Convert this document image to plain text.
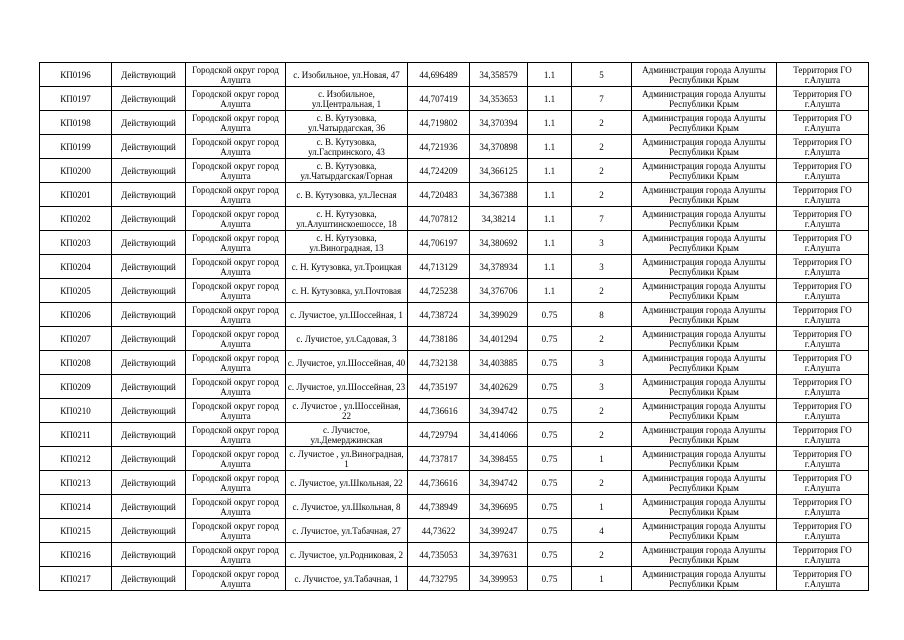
КП0196	Действующий	Городской округ город Алушта	с. Изобильное, ул.Новая, 47	44,696489	34,358579	1.1	5	Администрация города Алушты Республики Крым	Территория ГО г.Алушта
КП0197	Действующий	Городской округ город Алушта	с. Изобильное, ул.Центральная, 1	44,707419	34,353653	1.1	7	Администрация города Алушты Республики Крым	Территория ГО г.Алушта
КП0198	Действующий	Городской округ город Алушта	с. В. Кутузовка, ул.Чатырдагская, 36	44,719802	34,370394	1.1	2	Администрация города Алушты Республики Крым	Территория ГО г.Алушта
КП0199	Действующий	Городской округ город Алушта	с. В. Кутузовка, ул.Гаспринского, 43	44,721936	34,370898	1.1	2	Администрация города Алушты Республики Крым	Территория ГО г.Алушта
КП0200	Действующий	Городской округ город Алушта	с. В. Кутузовка, ул.Чатырдагская/Горная	44,724209	34,366125	1.1	2	Администрация города Алушты Республики Крым	Территория ГО г.Алушта
КП0201	Действующий	Городской округ город Алушта	с. В. Кутузовка, ул.Лесная	44,720483	34,367388	1.1	2	Администрация города Алушты Республики Крым	Территория ГО г.Алушта
КП0202	Действующий	Городской округ город Алушта	с. Н. Кутузовка, ул.Алуштинскоешоссе, 18	44,707812	34,38214	1.1	7	Администрация города Алушты Республики Крым	Территория ГО г.Алушта
КП0203	Действующий	Городской округ город Алушта	с. Н. Кутузовка, ул.Виноградная, 13	44,706197	34,380692	1.1	3	Администрация города Алушты Республики Крым	Территория ГО г.Алушта
КП0204	Действующий	Городской округ город Алушта	с. Н. Кутузовка, ул.Троицкая	44,713129	34,378934	1.1	3	Администрация города Алушты Республики Крым	Территория ГО г.Алушта
КП0205	Действующий	Городской округ город Алушта	с. Н. Кутузовка, ул.Почтовая	44,725238	34,376706	1.1	2	Администрация города Алушты Республики Крым	Территория ГО г.Алушта
КП0206	Действующий	Городской округ город Алушта	с. Лучистое, ул.Шоссейная, 1	44,738724	34,399029	0.75	8	Администрация города Алушты Республики Крым	Территория ГО г.Алушта
КП0207	Действующий	Городской округ город Алушта	с. Лучистое, ул.Садовая, 3	44,738186	34,401294	0.75	2	Администрация города Алушты Республики Крым	Территория ГО г.Алушта
КП0208	Действующий	Городской округ город Алушта	с. Лучистое, ул.Шоссейная, 40	44,732138	34,403885	0.75	3	Администрация города Алушты Республики Крым	Территория ГО г.Алушта
КП0209	Действующий	Городской округ город Алушта	с. Лучистое, ул.Шоссейная, 23	44,735197	34,402629	0.75	3	Администрация города Алушты Республики Крым	Территория ГО г.Алушта
КП0210	Действующий	Городской округ город Алушта	с. Лучистое , ул.Шоссейная, 22	44,736616	34,394742	0.75	2	Администрация города Алушты Республики Крым	Территория ГО г.Алушта
КП0211	Действующий	Городской округ город Алушта	с. Лучистое, ул.Демерджинская	44,729794	34,414066	0.75	2	Администрация города Алушты Республики Крым	Территория ГО г.Алушта
КП0212	Действующий	Городской округ город Алушта	с. Лучистое , ул.Виноградная, 1	44,737817	34,398455	0.75	1	Администрация города Алушты Республики Крым	Территория ГО г.Алушта
КП0213	Действующий	Городской округ город Алушта	с. Лучистое, ул.Школьная, 22	44,736616	34,394742	0.75	2	Администрация города Алушты Республики Крым	Территория ГО г.Алушта
КП0214	Действующий	Городской округ город Алушта	с. Лучистое, ул.Школьная, 8	44,738949	34,396695	0.75	1	Администрация города Алушты Республики Крым	Территория ГО г.Алушта
КП0215	Действующий	Городской округ город Алушта	с. Лучистое, ул.Табачная, 27	44,73622	34,399247	0.75	4	Администрация города Алушты Республики Крым	Территория ГО г.Алушта
КП0216	Действующий	Городской округ город Алушта	с. Лучистое, ул.Родниковая, 2	44,735053	34,397631	0.75	2	Администрация города Алушты Республики Крым	Территория ГО г.Алушта
КП0217	Действующий	Городской округ город Алушта	с. Лучистое, ул.Табачная, 1	44,732795	34,399953	0.75	1	Администрация города Алушты Республики Крым	Территория ГО г.Алушта
